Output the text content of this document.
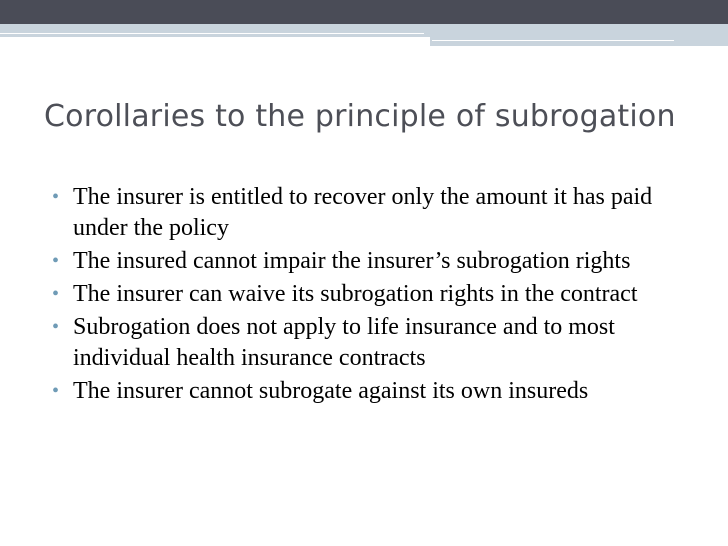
Corollaries to the principle of subrogation
• The insurer is entitled to recover only the amount it has paid under the policy
• The insured cannot impair the insurer’s subrogation rights
• The insurer can waive its subrogation rights in the contract
• Subrogation does not apply to life insurance and to most individual health insurance contracts
• The insurer cannot subrogate against its own insureds
